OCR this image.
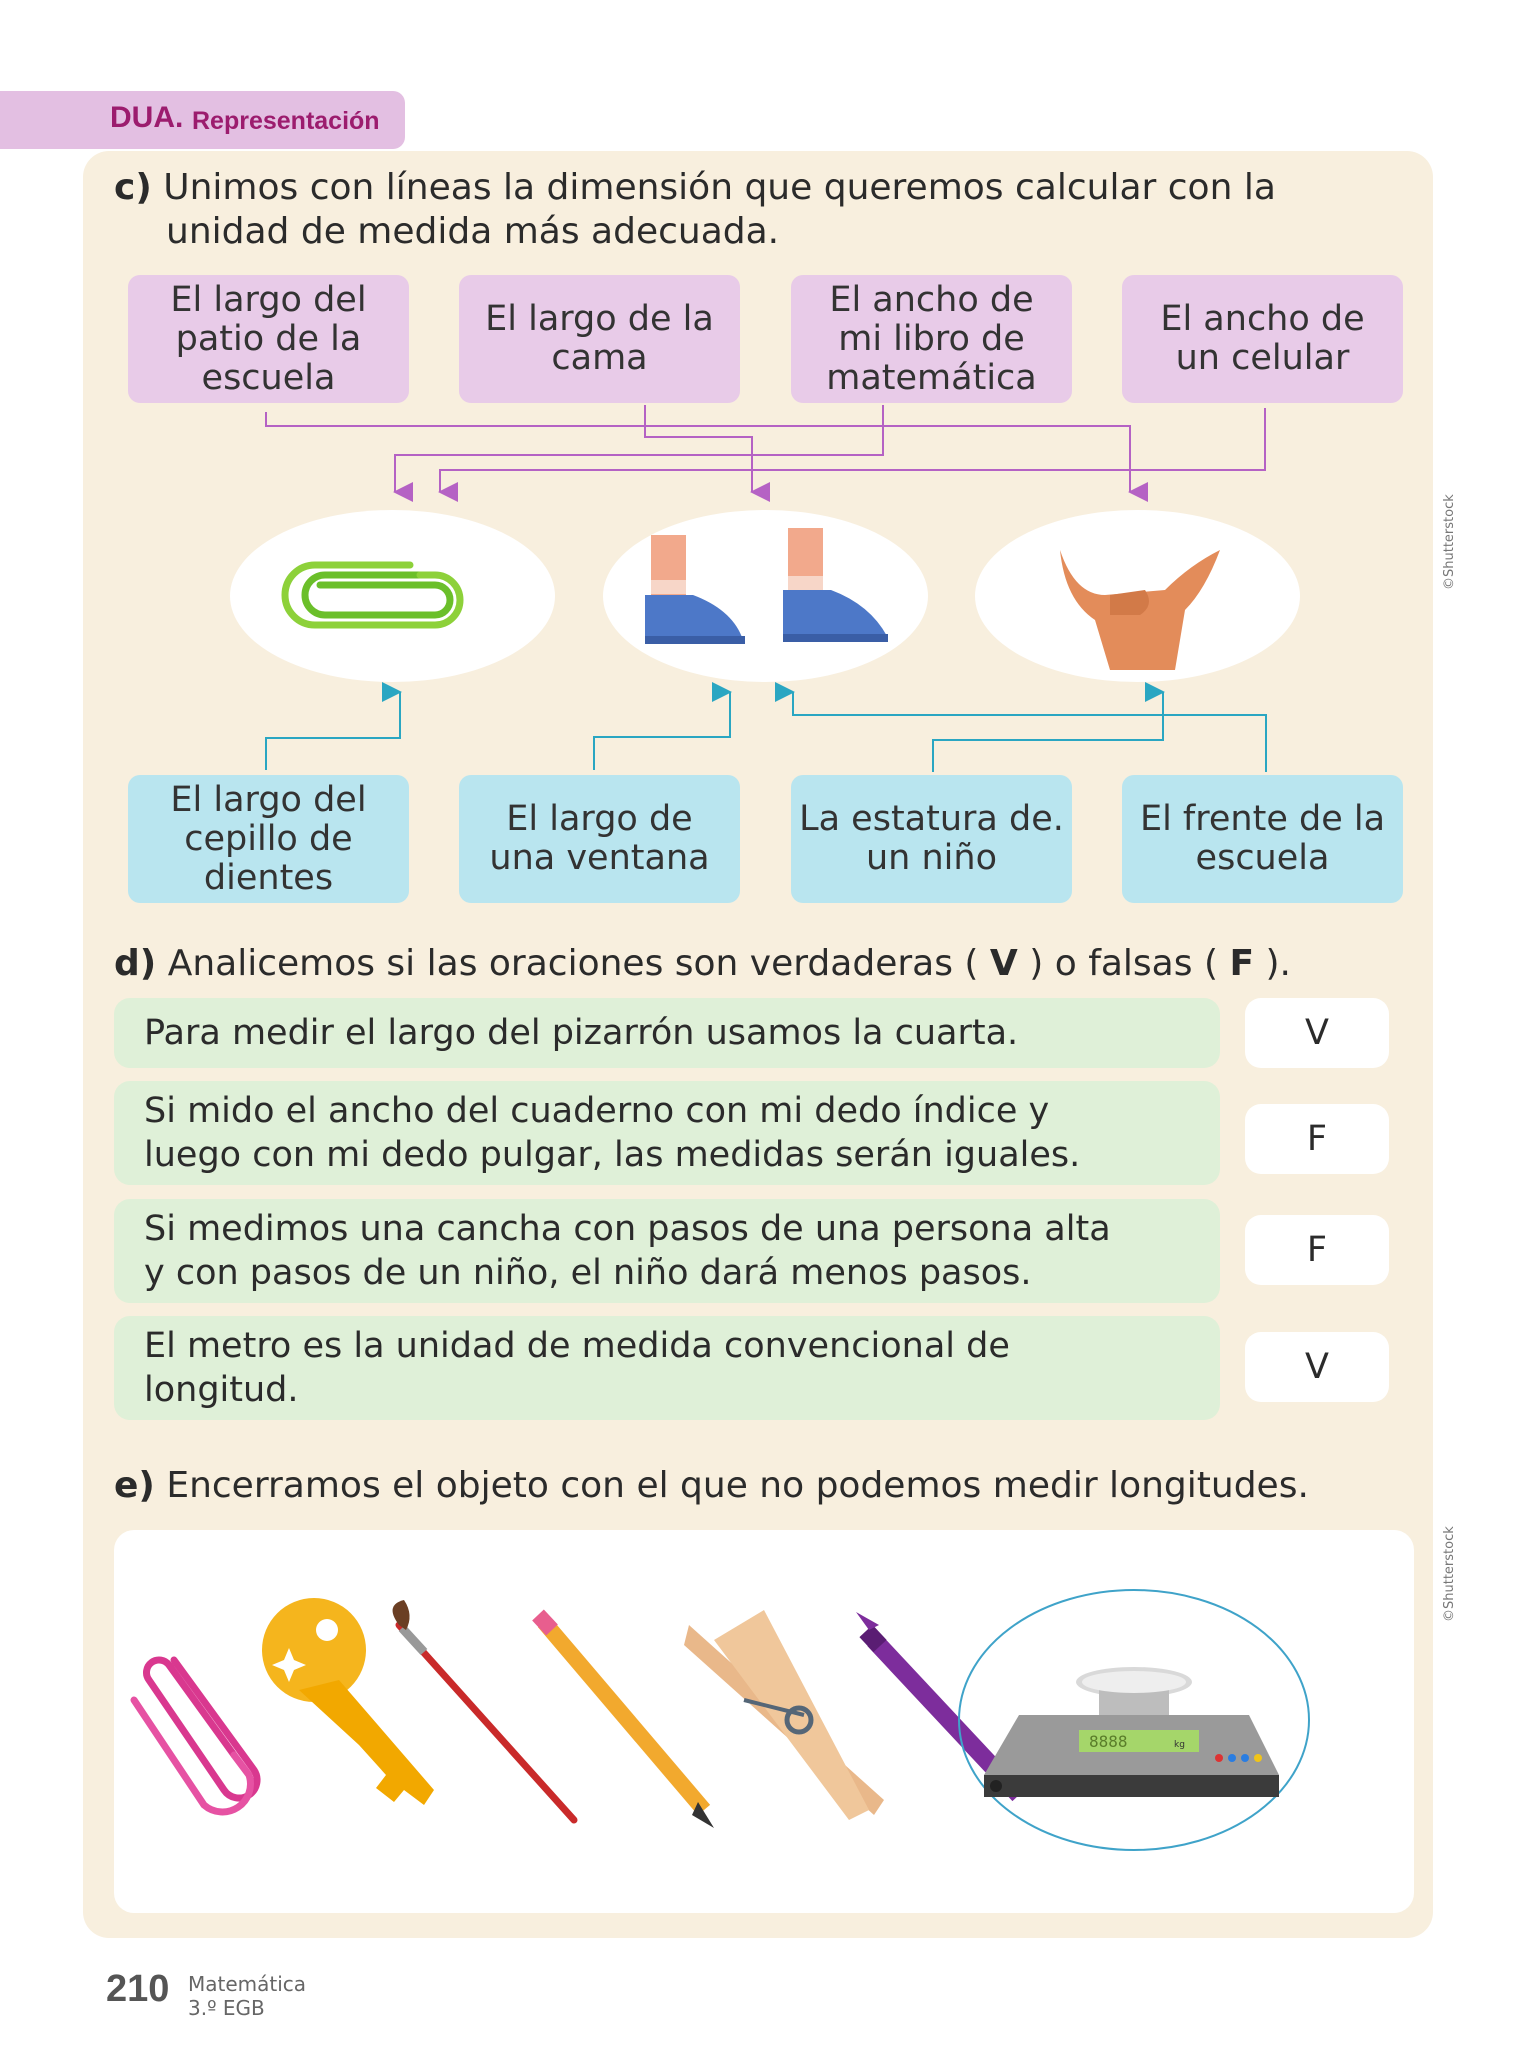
DUA. Representación
c) Unimos con líneas la dimensión que queremos calcular con la
unidad de medida más adecuada.
El largo del
patio de la
escuela
El largo de la
cama
El ancho de
mi libro de
matemática
El ancho de
un celular
El largo del
cepillo de
dientes
El largo de
una ventana
La estatura de.
un niño
El frente de la
escuela
d) Analicemos si las oraciones son verdaderas ( V ) o falsas ( F ).
Para medir el largo del pizarrón usamos la cuarta.	V
Si mido el ancho del cuaderno con mi dedo índice y
luego con mi dedo pulgar, las medidas serán iguales.	F
Si medimos una cancha con pasos de una persona alta
y con pasos de un niño, el niño dará menos pasos.
F
El metro es la unidad de medida convencional de
longitud.
V
e) Encerramos el objeto con el que no podemos medir longitudes.
8888	kg
©Shutterstock
©Shutterstock
210 Matemática
3.º EGB
